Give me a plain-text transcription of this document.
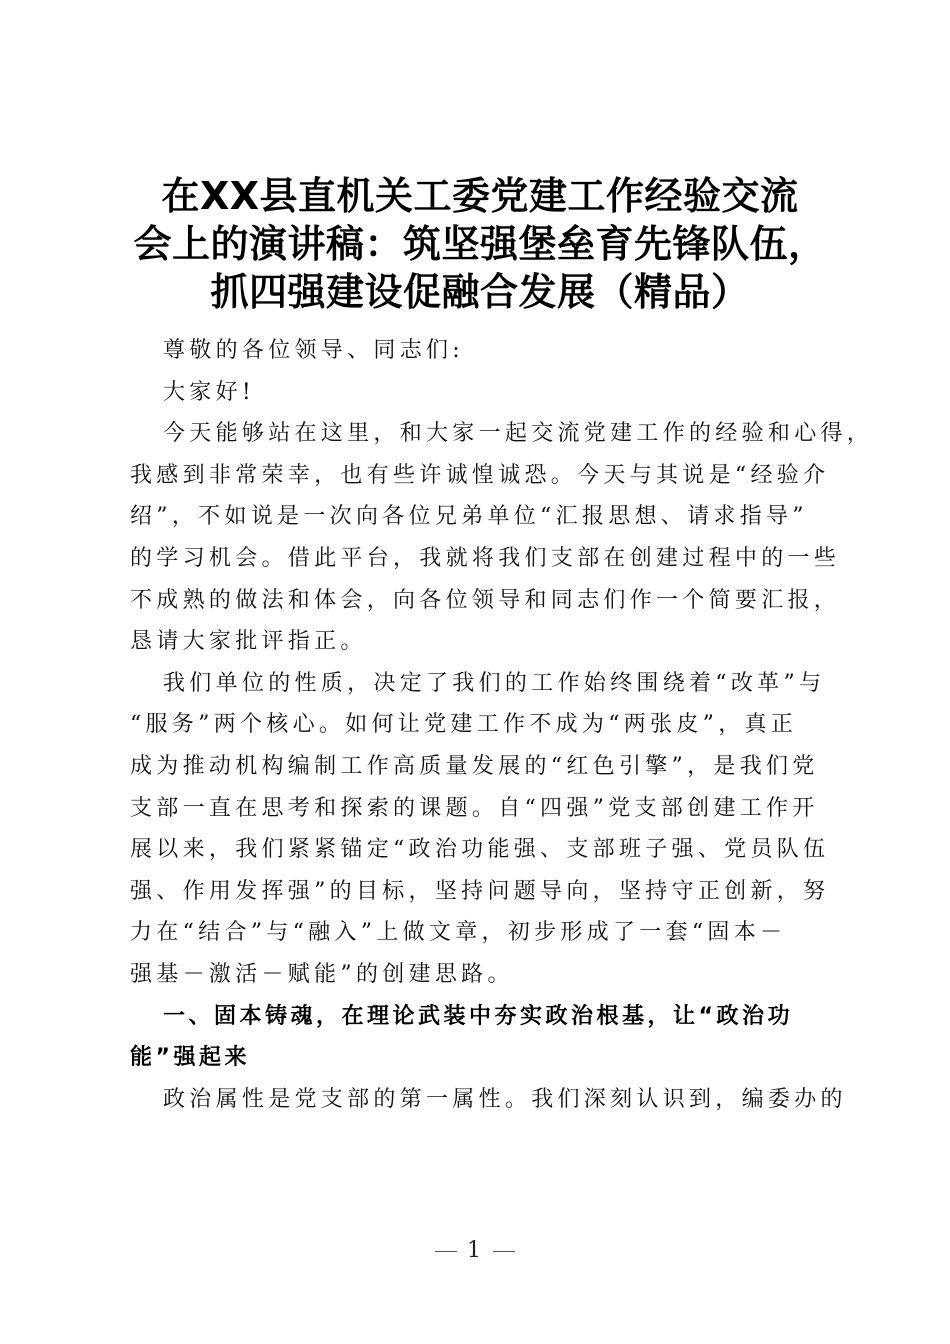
在XX县直机关工委党建工作经验交流
会上的演讲稿：筑坚强堡垒育先锋队伍，
抓四强建设促融合发展（精品）
尊敬的各位领导、同志们:
大家好!
今天能够站在这里，和大家一起交流党建工作的经验和心得，
我感到非常荣幸，也有些许诚惶诚恐。今天与其说是“经验介
绍”，不如说是一次向各位兄弟单位“汇报思想、请求指导”
的学习机会。借此平台，我就将我们支部在创建过程中的一些
不成熟的做法和体会，向各位领导和同志们作一个简要汇报，
恳请大家批评指正。
我们单位的性质，决定了我们的工作始终围绕着“改革”与
“服务”两个核心。如何让党建工作不成为“两张皮”，真正
成为推动机构编制工作高质量发展的“红色引擎”，是我们党
支部一直在思考和探索的课题。自“四强”党支部创建工作开
展以来，我们紧紧锚定“政治功能强、支部班子强、党员队伍
强、作用发挥强”的目标，坚持问题导向，坚持守正创新，努
力在“结合”与“融入”上做文章，初步形成了一套“固本－
强基－激活－赋能”的创建思路。
一、固本铸魂，在理论武装中夯实政治根基，让“政治功
能”强起来
政治属性是党支部的第一属性。我们深刻认识到，编委办的
1
